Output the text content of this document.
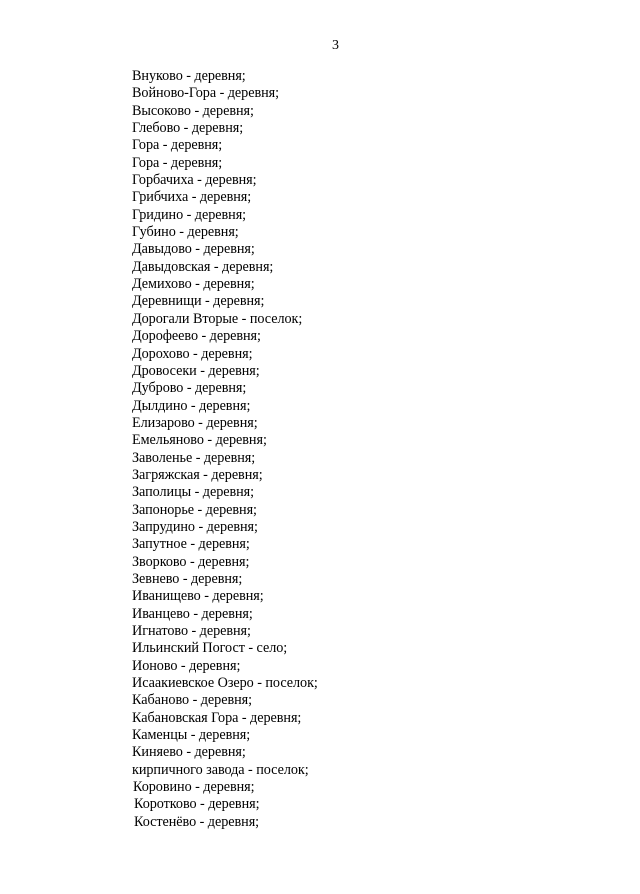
3
Внуково - деревня;
Войново-Гора - деревня;
Высоково - деревня;
Глебово - деревня;
Гора - деревня;
Гора - деревня;
Горбачиха - деревня;
Грибчиха - деревня;
Гридино - деревня;
Губино - деревня;
Давыдово - деревня;
Давыдовская - деревня;
Демихово - деревня;
Деревнищи - деревня;
Дорогали Вторые - поселок;
Дорофеево - деревня;
Дорохово - деревня;
Дровосеки - деревня;
Дуброво - деревня;
Дылдино - деревня;
Елизарово - деревня;
Емельяново - деревня;
Заволенье - деревня;
Загряжская - деревня;
Заполицы - деревня;
Запонорье - деревня;
Запрудино - деревня;
Запутное - деревня;
Зворково - деревня;
Зевнево - деревня;
Иванищево - деревня;
Иванцево - деревня;
Игнатово - деревня;
Ильинский Погост - село;
Ионово - деревня;
Исаакиевское Озеро - поселок;
Кабаново - деревня;
Кабановская Гора - деревня;
Каменцы - деревня;
Киняево - деревня;
кирпичного завода - поселок;
Коровино - деревня;
Коротково - деревня;
Костенёво - деревня;
